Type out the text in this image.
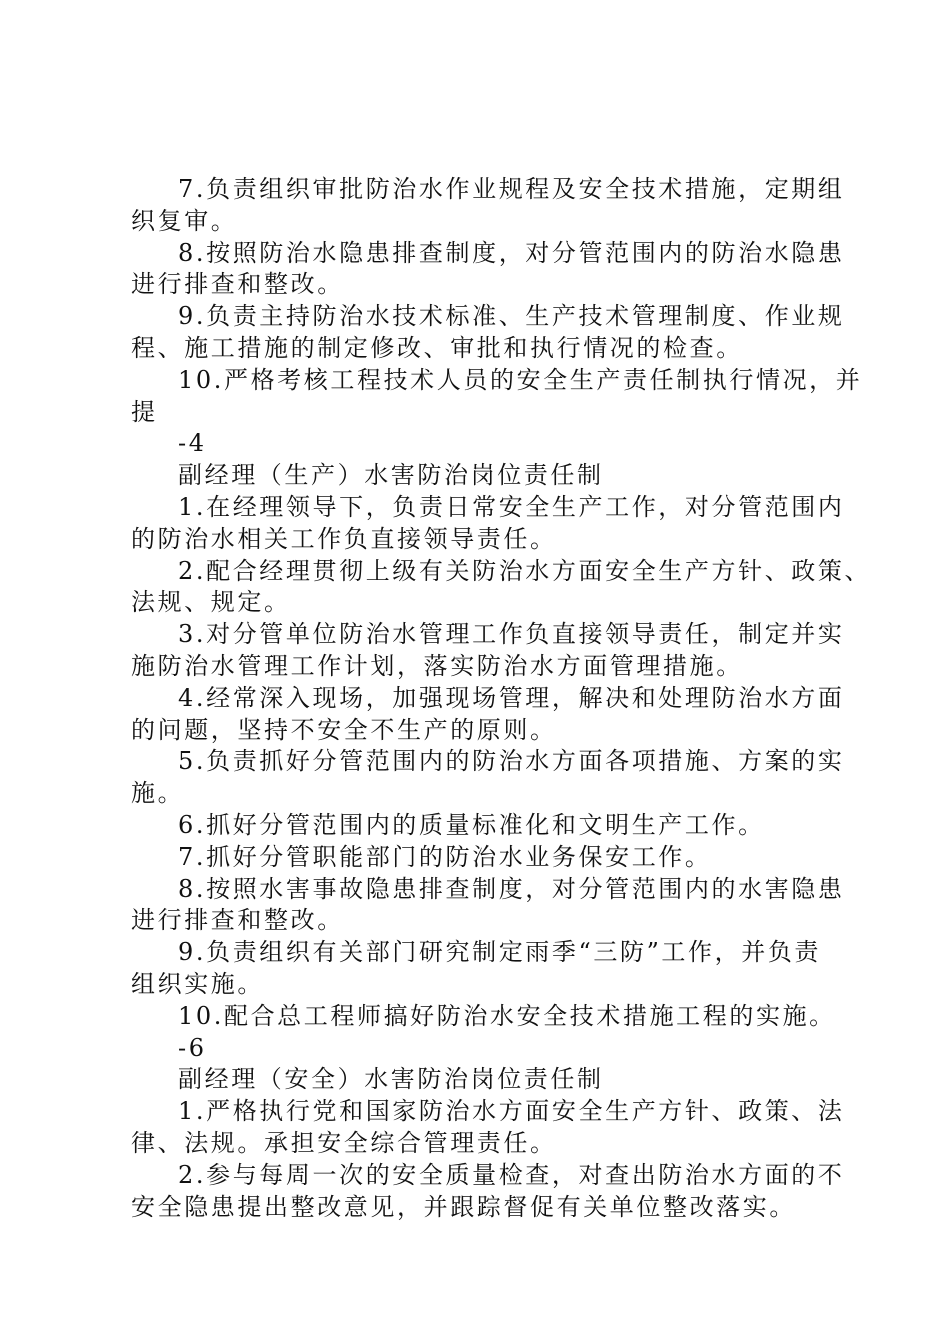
7.负责组织审批防治水作业规程及安全技术措施，定期组
织复审。
8.按照防治水隐患排查制度，对分管范围内的防治水隐患
进行排查和整改。
9.负责主持防治水技术标准、生产技术管理制度、作业规
程、施工措施的制定修改、审批和执行情况的检查。
10.严格考核工程技术人员的安全生产责任制执行情况，并
提
-4
副经理（生产）水害防治岗位责任制
1.在经理领导下，负责日常安全生产工作，对分管范围内
的防治水相关工作负直接领导责任。
2.配合经理贯彻上级有关防治水方面安全生产方针、政策、
法规、规定。
3.对分管单位防治水管理工作负直接领导责任，制定并实
施防治水管理工作计划，落实防治水方面管理措施。
4.经常深入现场，加强现场管理，解决和处理防治水方面
的问题，坚持不安全不生产的原则。
5.负责抓好分管范围内的防治水方面各项措施、方案的实
施。
6.抓好分管范围内的质量标准化和文明生产工作。
7.抓好分管职能部门的防治水业务保安工作。
8.按照水害事故隐患排查制度，对分管范围内的水害隐患
进行排查和整改。
9.负责组织有关部门研究制定雨季“三防”工作，并负责
组织实施。
10.配合总工程师搞好防治水安全技术措施工程的实施。
-6
副经理（安全）水害防治岗位责任制
1.严格执行党和国家防治水方面安全生产方针、政策、法
律、法规。承担安全综合管理责任。
2.参与每周一次的安全质量检查，对查出防治水方面的不
安全隐患提出整改意见，并跟踪督促有关单位整改落实。
